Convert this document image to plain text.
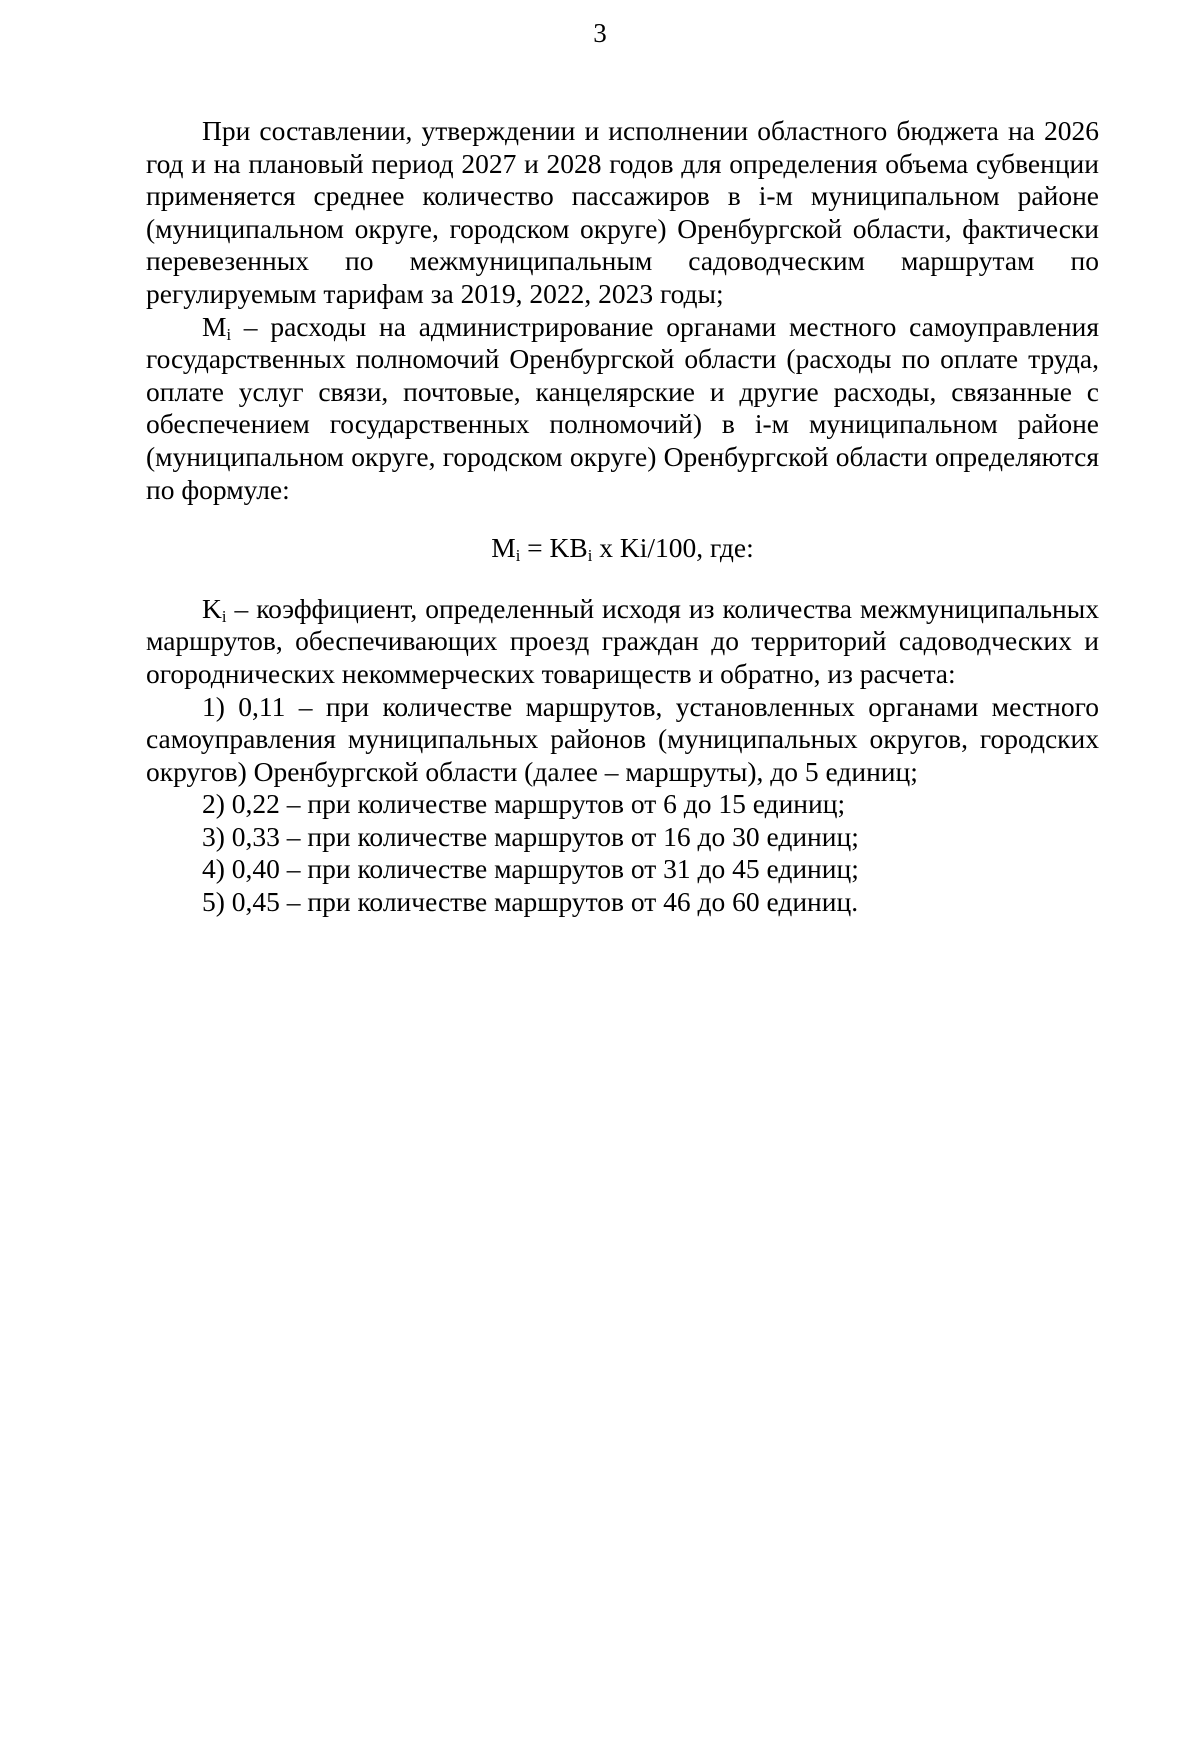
3

При составлении, утверждении и исполнении областного бюджета на 2026 год и на плановый период 2027 и 2028 годов для определения объема субвенции применяется среднее количество пассажиров в i-м муниципальном районе (муниципальном округе, городском округе) Оренбургской области, фактически перевезенных по межмуниципальным садоводческим маршрутам по регулируемым тарифам за 2019, 2022, 2023 годы;

$M_i$ – расходы на администрирование органами местного самоуправления государственных полномочий Оренбургской области (расходы по оплате труда, оплате услуг связи, почтовые, канцелярские и другие расходы, связанные с обеспечением государственных полномочий) в i-м муниципальном районе (муниципальном округе, городском округе) Оренбургской области определяются по формуле:

$M_i = KB_i$ x Ki/100, где:

$K_i$ – коэффициент, определенный исходя из количества межмуниципальных маршрутов, обеспечивающих проезд граждан до территорий садоводческих и огороднических некоммерческих товариществ и обратно, из расчета:

1) 0,11 – при количестве маршрутов, установленных органами местного самоуправления муниципальных районов (муниципальных округов, городских округов) Оренбургской области (далее – маршруты), до 5 единиц;

2) 0,22 – при количестве маршрутов от 6 до 15 единиц;

3) 0,33 – при количестве маршрутов от 16 до 30 единиц;

4) 0,40 – при количестве маршрутов от 31 до 45 единиц;

5) 0,45 – при количестве маршрутов от 46 до 60 единиц.
